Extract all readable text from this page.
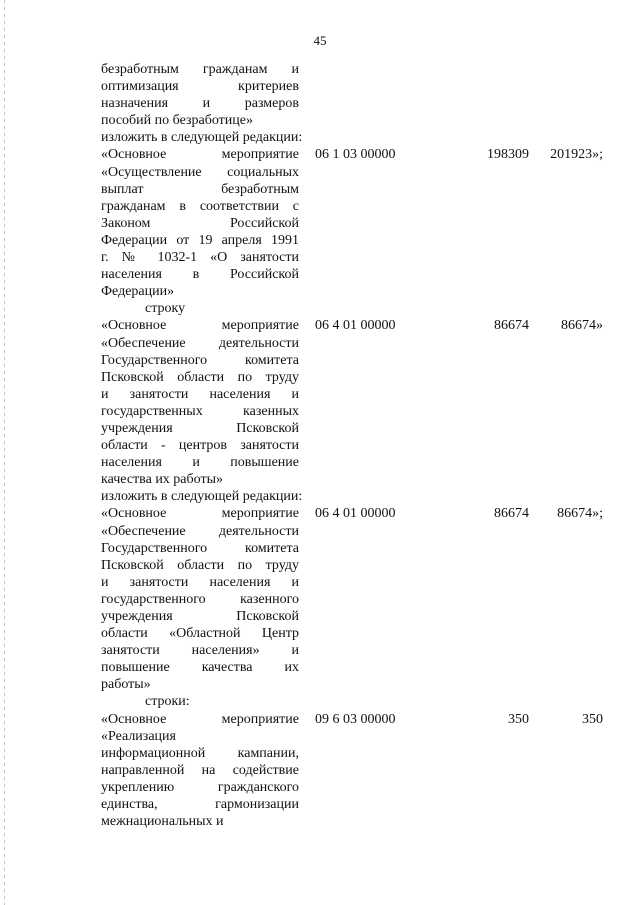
45
безработным гражданам и
оптимизация критериев
назначения и размеров
пособий по безработице»
изложить в следующей редакции:
«Основное мероприятие
«Осуществление социальных
выплат безработным
гражданам в соответствии с
Законом Российской
Федерации от 19 апреля 1991
г. № 1032-1 «О занятости
населения в Российской
Федерации»
06 1 03 00000	198309	201923»;
строку
«Основное мероприятие
«Обеспечение деятельности
Государственного комитета
Псковской области по труду
и занятости населения и
государственных казенных
учреждения Псковской
области - центров занятости
населения и повышение
качества их работы»
06 4 01 00000	86674	86674»
изложить в следующей редакции:
«Основное мероприятие
«Обеспечение деятельности
Государственного комитета
Псковской области по труду
и занятости населения и
государственного казенного
учреждения Псковской
области «Областной Центр
занятости населения» и
повышение качества их
работы»
06 4 01 00000	86674	86674»;
строки:
«Основное мероприятие
«Реализация
информационной кампании,
направленной на содействие
укреплению гражданского
единства, гармонизации
межнациональных и
09 6 03 00000	350	350
